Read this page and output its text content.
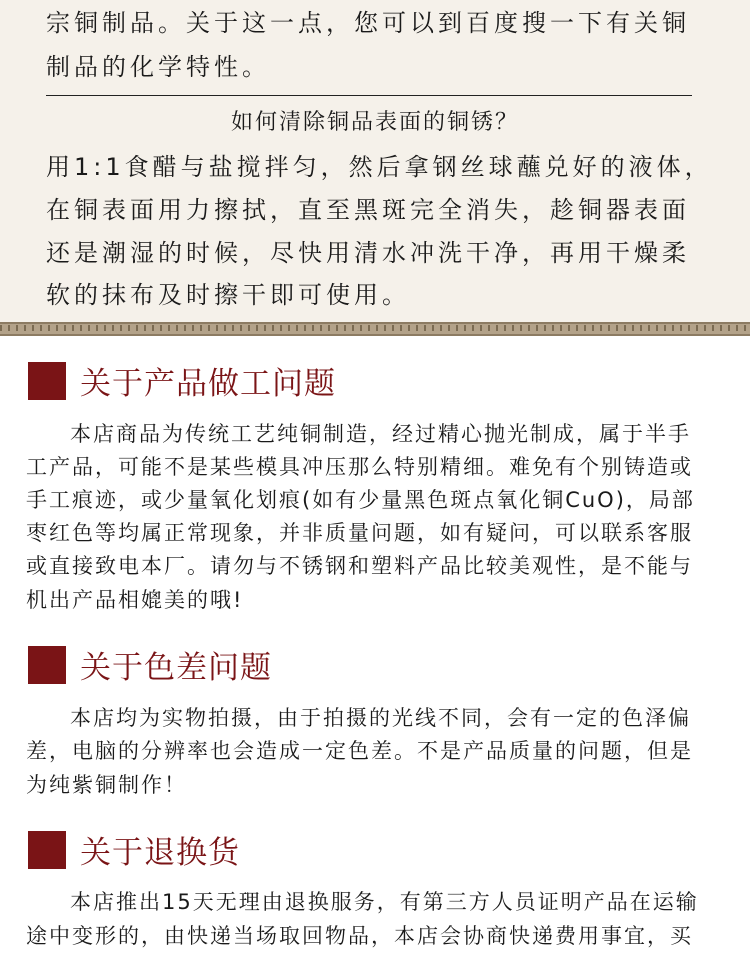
宗铜制品。关于这一点，您可以到百度搜一下有关铜
制品的化学特性。
如何清除铜品表面的铜锈？
用1:1食醋与盐搅拌匀，然后拿钢丝球蘸兑好的液体，
在铜表面用力擦拭，直至黑斑完全消失，趁铜器表面
还是潮湿的时候，尽快用清水冲洗干净，再用干燥柔
软的抹布及时擦干即可使用。
关于产品做工问题
本店商品为传统工艺纯铜制造，经过精心抛光制成，属于半手
工产品，可能不是某些模具冲压那么特别精细。难免有个别铸造或
手工痕迹，或少量氧化划痕(如有少量黑色斑点氧化铜CuO)，局部
枣红色等均属正常现象，并非质量问题，如有疑问，可以联系客服
或直接致电本厂。请勿与不锈钢和塑料产品比较美观性，是不能与
机出产品相媲美的哦!
关于色差问题
本店均为实物拍摄，由于拍摄的光线不同，会有一定的色泽偏
差，电脑的分辨率也会造成一定色差。不是产品质量的问题，但是
为纯紫铜制作！
关于退换货
本店推出15天无理由退换服务，有第三方人员证明产品在运输
途中变形的，由快递当场取回物品，本店会协商快递费用事宜，买
